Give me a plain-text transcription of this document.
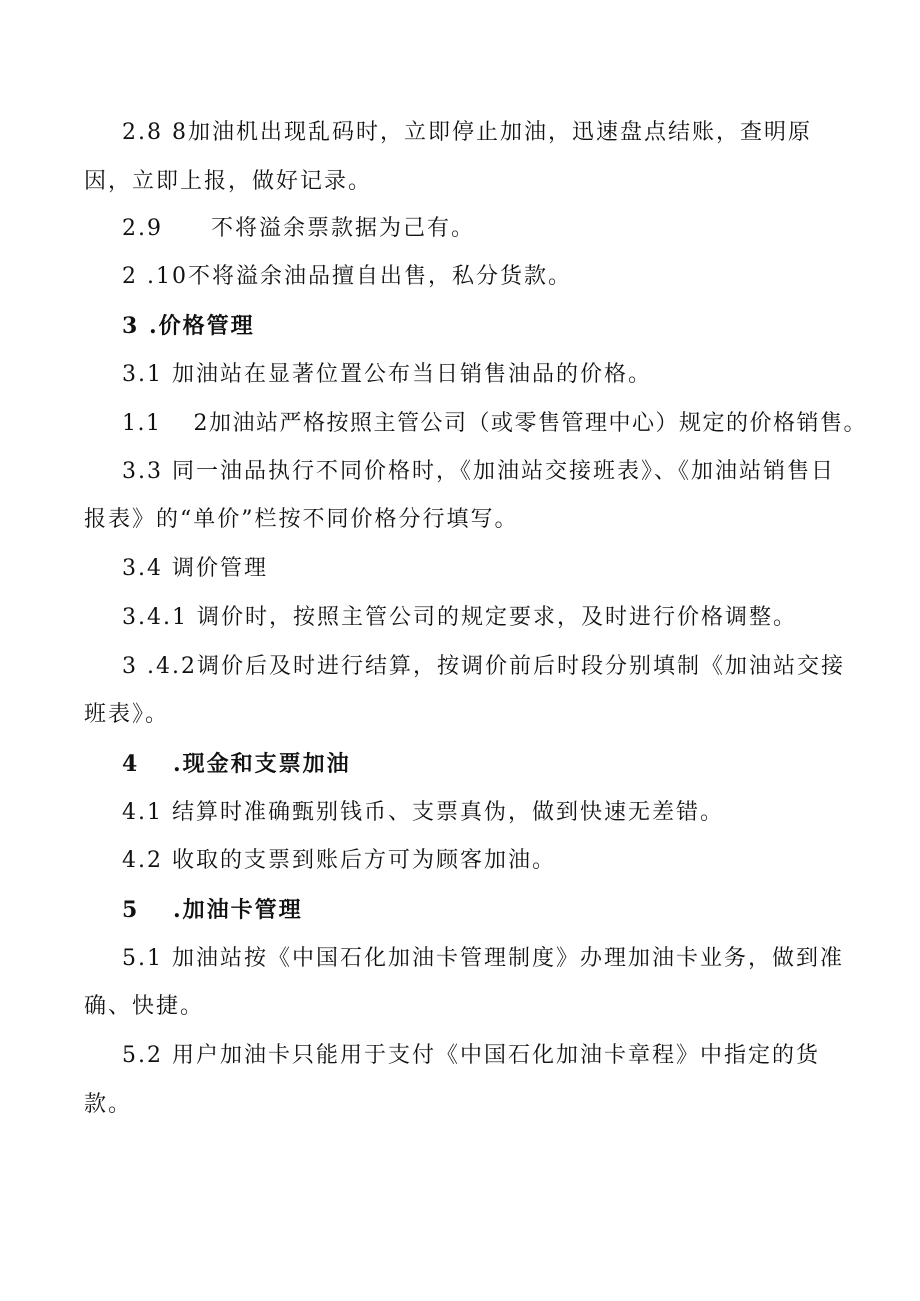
2.8 8加油机出现乱码时，立即停止加油，迅速盘点结账，查明原
因，立即上报，做好记录。
2.9　　不将溢余票款据为己有。
2 .10不将溢余油品擅自出售，私分货款。
3 .价格管理
3.1 加油站在显著位置公布当日销售油品的价格。
1.1　 2加油站严格按照主管公司（或零售管理中心）规定的价格销售。
3.3 同一油品执行不同价格时，《加油站交接班表》、《加油站销售日
报表》的“单价”栏按不同价格分行填写。
3.4 调价管理
3.4.1 调价时，按照主管公司的规定要求，及时进行价格调整。
3 .4.2调价后及时进行结算，按调价前后时段分别填制《加油站交接
班表》。
4　 .现金和支票加油
4.1 结算时准确甄别钱币、支票真伪，做到快速无差错。
4.2 收取的支票到账后方可为顾客加油。
5　 .加油卡管理
5.1 加油站按《中国石化加油卡管理制度》办理加油卡业务，做到准
确、快捷。
5.2 用户加油卡只能用于支付《中国石化加油卡章程》中指定的货
款。
